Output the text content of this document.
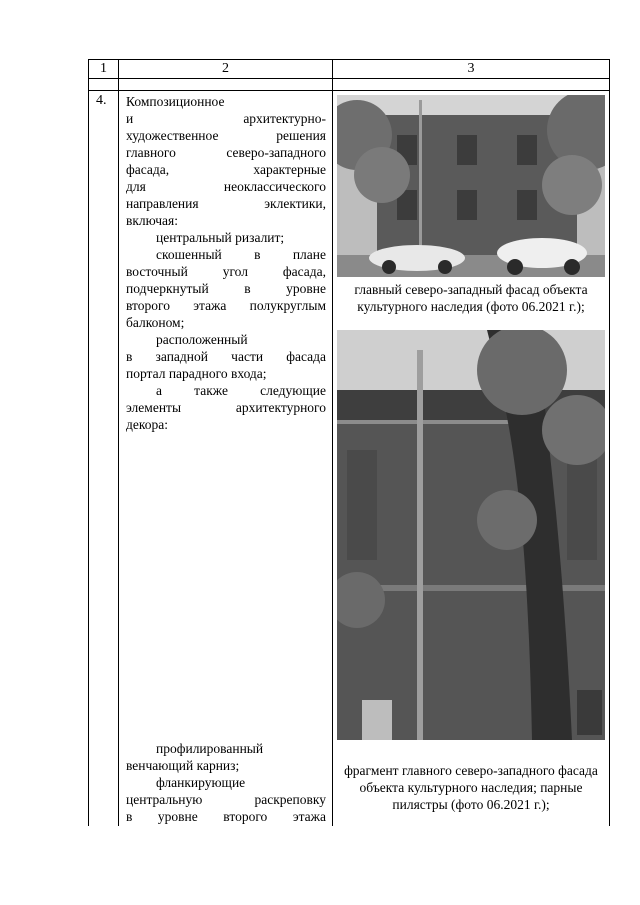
1	2	3
4. Композиционное

и архитектурно-

художественное решения

главного северо-западного

фасада, характерные

для неоклассического

направления эклектики,

включая:

центральный ризалит;

скошенный в плане

восточный угол фасада,

подчеркнутый в уровне

второго этажа полукруглым

балконом;

расположенный

в западной части фасада

портал парадного входа;

а также следующие

элементы архитектурного

декора:

профилированный

венчающий карниз;

фланкирующие

центральную раскреповку

в уровне второго этажа

главный северо-западный фасад объекта культурного наследия (фото 06.2021 г.);
фрагмент главного северо-западного фасада объекта культурного наследия; парные пилястры (фото 06.2021 г.);
